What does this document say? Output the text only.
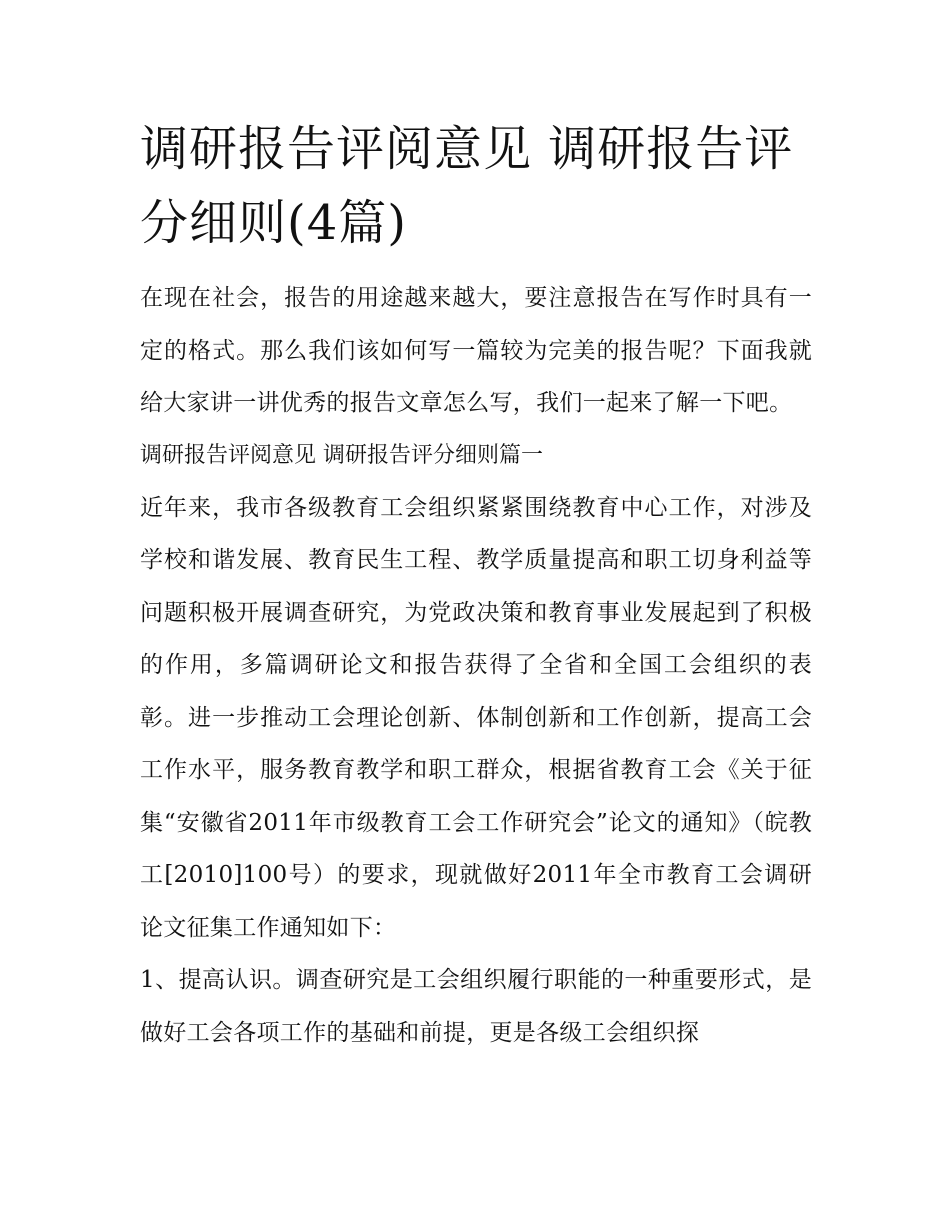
调研报告评阅意见 调研报告评分细则(4篇)

在现在社会，报告的用途越来越大，要注意报告在写作时具有一定的格式。那么我们该如何写一篇较为完美的报告呢？下面我就给大家讲一讲优秀的报告文章怎么写，我们一起来了解一下吧。

调研报告评阅意见 调研报告评分细则篇一

近年来，我市各级教育工会组织紧紧围绕教育中心工作，对涉及学校和谐发展、教育民生工程、教学质量提高和职工切身利益等问题积极开展调查研究，为党政决策和教育事业发展起到了积极的作用，多篇调研论文和报告获得了全省和全国工会组织的表彰。进一步推动工会理论创新、体制创新和工作创新，提高工会工作水平，服务教育教学和职工群众，根据省教育工会《关于征集“安徽省2011年市级教育工会工作研究会”论文的通知》（皖教工[2010]100号）的要求，现就做好2011年全市教育工会调研论文征集工作通知如下：

1、提高认识。调查研究是工会组织履行职能的一种重要形式，是做好工会各项工作的基础和前提，更是各级工会组织探
